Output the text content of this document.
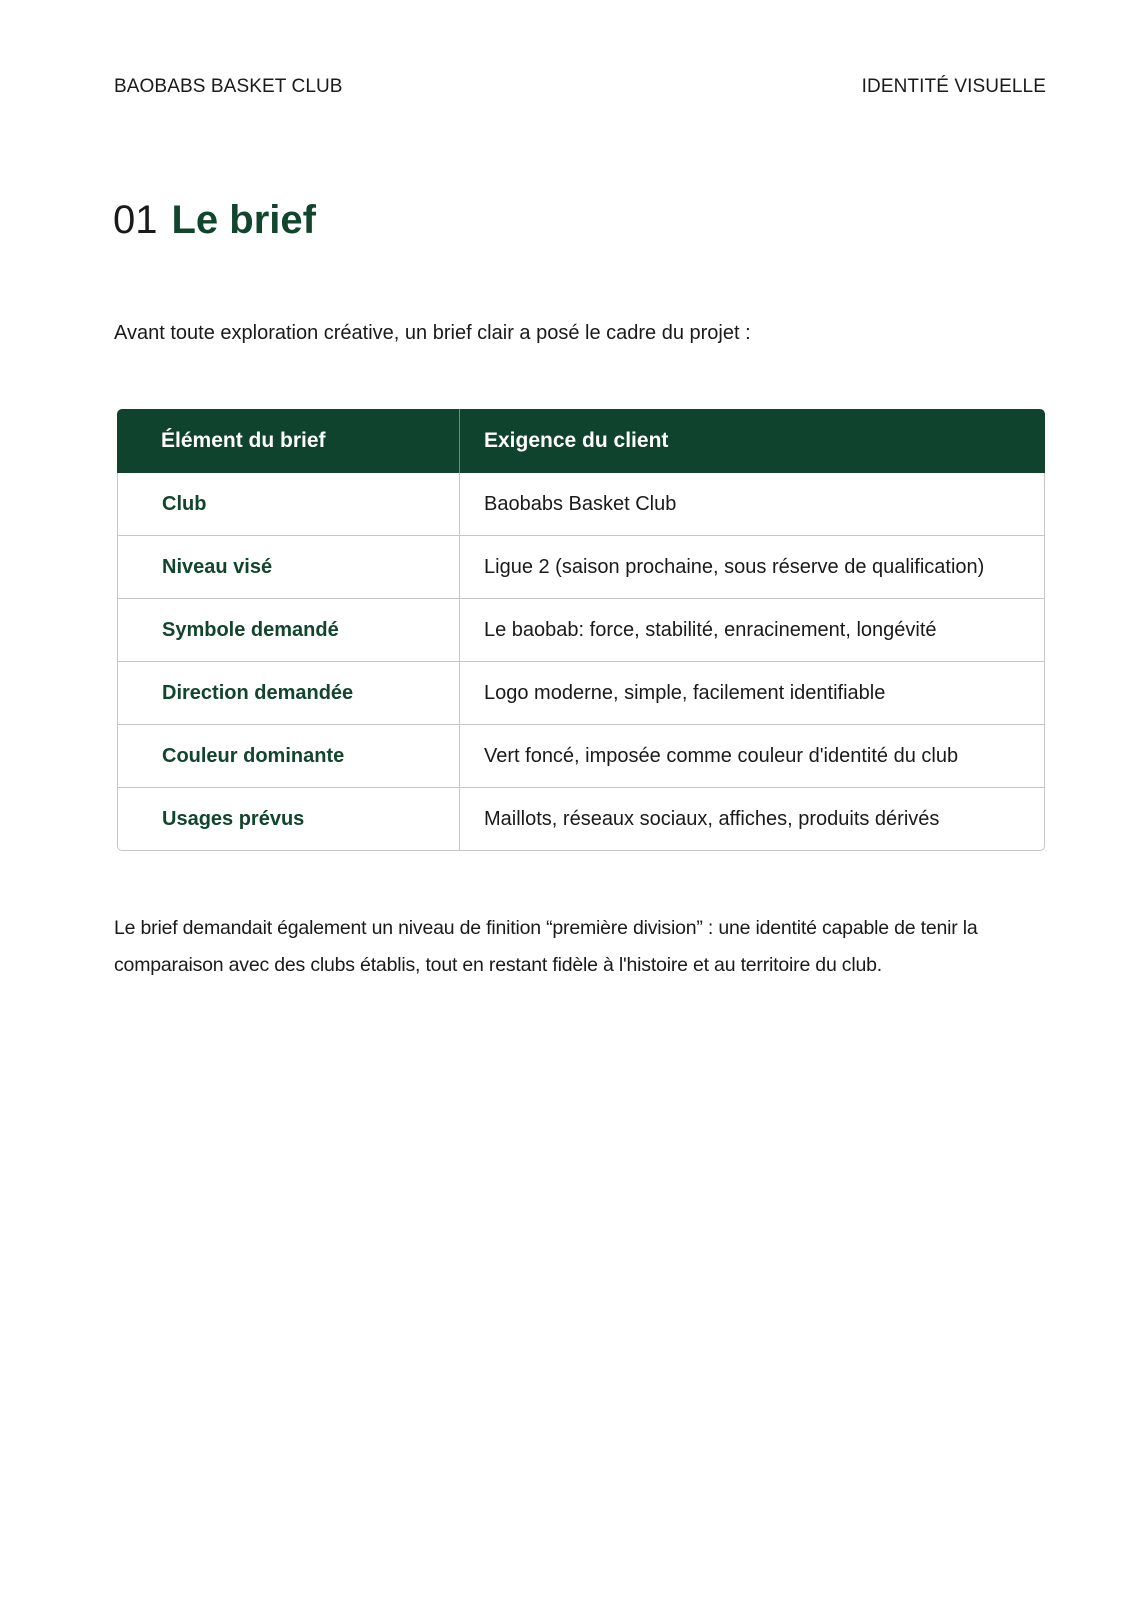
BAOBABS BASKET CLUB	IDENTITÉ VISUELLE
01 Le brief

Avant toute exploration créative, un brief clair a posé le cadre du projet :

Élément du brief	Exigence du client
Club	Baobabs Basket Club
Niveau visé	Ligue 2 (saison prochaine, sous réserve de qualification)
Symbole demandé	Le baobab: force, stabilité, enracinement, longévité
Direction demandée	Logo moderne, simple, facilement identifiable
Couleur dominante	Vert foncé, imposée comme couleur d'identité du club
Usages prévus	Maillots, réseaux sociaux, affiches, produits dérivés

Le brief demandait également un niveau de finition “première division” : une identité capable de tenir la comparaison avec des clubs établis, tout en restant fidèle à l'histoire et au territoire du club.
